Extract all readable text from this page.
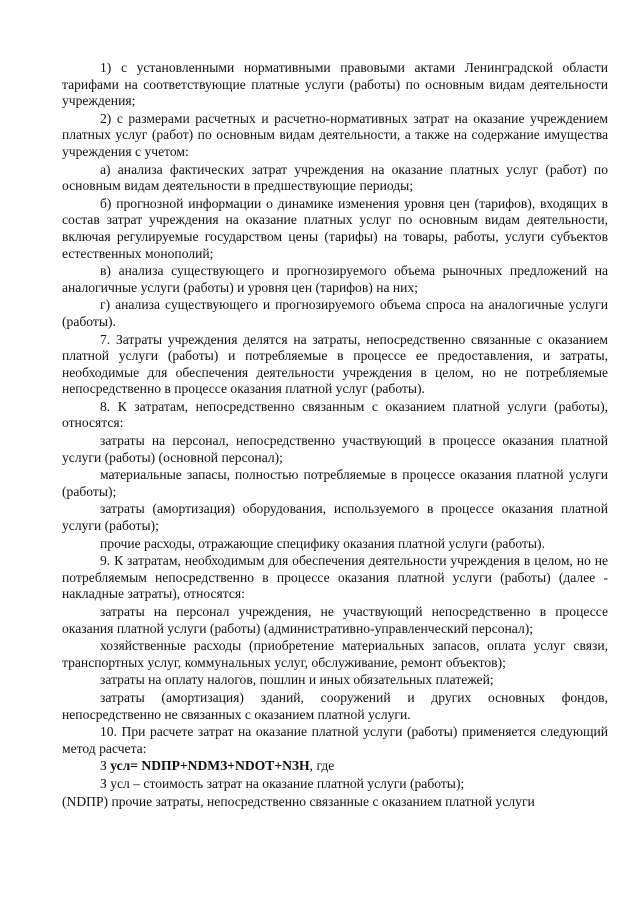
1) с установленными нормативными правовыми актами Ленинградской области тарифами на соответствующие платные услуги (работы) по основным видам деятельности учреждения;

2) с размерами расчетных и расчетно-нормативных затрат на оказание учреждением платных услуг (работ) по основным видам деятельности, а также на содержание имущества учреждения с учетом:

а) анализа фактических затрат учреждения на оказание платных услуг (работ) по основным видам деятельности в предшествующие периоды;

б) прогнозной информации о динамике изменения уровня цен (тарифов), входящих в состав затрат учреждения на оказание платных услуг по основным видам деятельности, включая регулируемые государством цены (тарифы) на товары, работы, услуги субъектов естественных монополий;

в) анализа существующего и прогнозируемого объема рыночных предложений на аналогичные услуги (работы) и уровня цен (тарифов) на них;

г) анализа существующего и прогнозируемого объема спроса на аналогичные услуги (работы).

7. Затраты учреждения делятся на затраты, непосредственно связанные с оказанием платной услуги (работы) и потребляемые в процессе ее предоставления, и затраты, необходимые для обеспечения деятельности учреждения в целом, но не потребляемые непосредственно в процессе оказания платной услуг (работы).

8. К затратам, непосредственно связанным с оказанием платной услуги (работы), относятся:

затраты на персонал, непосредственно участвующий в процессе оказания платной услуги (работы) (основной персонал);

материальные запасы, полностью потребляемые в процессе оказания платной услуги (работы);

затраты (амортизация) оборудования, используемого в процессе оказания платной услуги (работы);

прочие расходы, отражающие специфику оказания платной услуги (работы).

9. К затратам, необходимым для обеспечения деятельности учреждения в целом, но не потребляемым непосредственно в процессе оказания платной услуги (работы) (далее - накладные затраты), относятся:

затраты на персонал учреждения, не участвующий непосредственно в процессе оказания платной услуги (работы) (административно-управленческий персонал);

хозяйственные расходы (приобретение материальных запасов, оплата услуг связи, транспортных услуг, коммунальных услуг, обслуживание, ремонт объектов);

затраты на оплату налогов, пошлин и иных обязательных платежей;

затраты (амортизация) зданий, сооружений и других основных фондов, непосредственно не связанных с оказанием платной услуги.

10. При расчете затрат на оказание платной услуги (работы) применяется следующий метод расчета:

З усл= NDПР+NDМЗ+NDОТ+NЗН, где

З усл – стоимость затрат на оказание платной услуги (работы);

(NDПР) прочие затраты, непосредственно связанные с оказанием платной услуги
